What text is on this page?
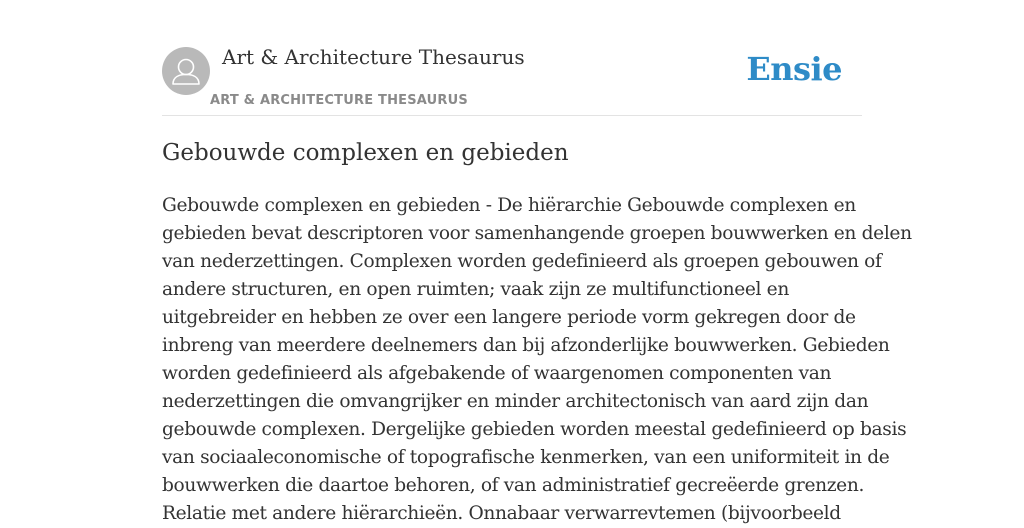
Art & Architecture Thesaurus
ART & ARCHITECTURE THESAURUS
Ensie
Gebouwde complexen en gebieden

Gebouwde complexen en gebieden - De hiërarchie Gebouwde complexen en
gebieden bevat descriptoren voor samenhangende groepen bouwwerken en delen
van nederzettingen. Complexen worden gedefinieerd als groepen gebouwen of
andere structuren, en open ruimten; vaak zijn ze multifunctioneel en
uitgebreider en hebben ze over een langere periode vorm gekregen door de
inbreng van meerdere deelnemers dan bij afzonderlijke bouwwerken. Gebieden
worden gedefinieerd als afgebakende of waargenomen componenten van
nederzettingen die omvangrijker en minder architectonisch van aard zijn dan
gebouwde complexen. Dergelijke gebieden worden meestal gedefinieerd op basis
van sociaaleconomische of topografische kenmerken, van een uniformiteit in de
bouwwerken die daartoe behoren, of van administratief gecreëerde grenzen.
Relatie met andere hiërarchieën. Onnabaar verwarrevtemen (bijvoorbeeld
